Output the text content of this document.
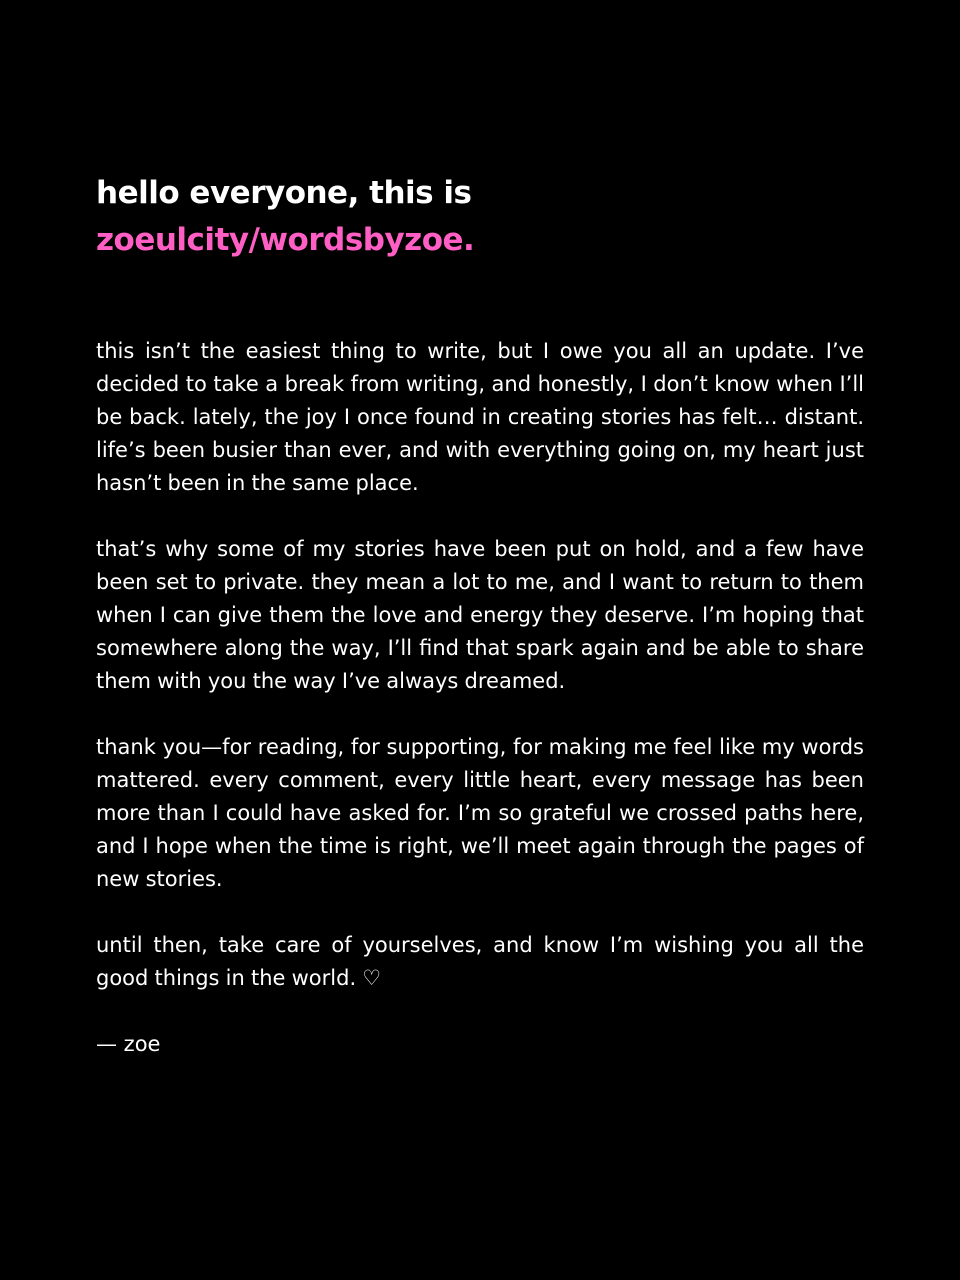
hello everyone, this is
zoeulcity/wordsbyzoe.

this isn’t the easiest thing to write, but I owe you all an update. I’ve decided to take a break from writing, and honestly, I don’t know when I’ll be back. lately, the joy I once found in creating stories has felt… distant. life’s been busier than ever, and with everything going on, my heart just hasn’t been in the same place.

that’s why some of my stories have been put on hold, and a few have been set to private. they mean a lot to me, and I want to return to them when I can give them the love and energy they deserve. I’m hoping that somewhere along the way, I’ll find that spark again and be able to share them with you the way I’ve always dreamed.

thank you—for reading, for supporting, for making me feel like my words mattered. every comment, every little heart, every message has been more than I could have asked for. I’m so grateful we crossed paths here, and I hope when the time is right, we’ll meet again through the pages of new stories.

until then, take care of yourselves, and know I’m wishing you all the good things in the world. ♡

— zoe
